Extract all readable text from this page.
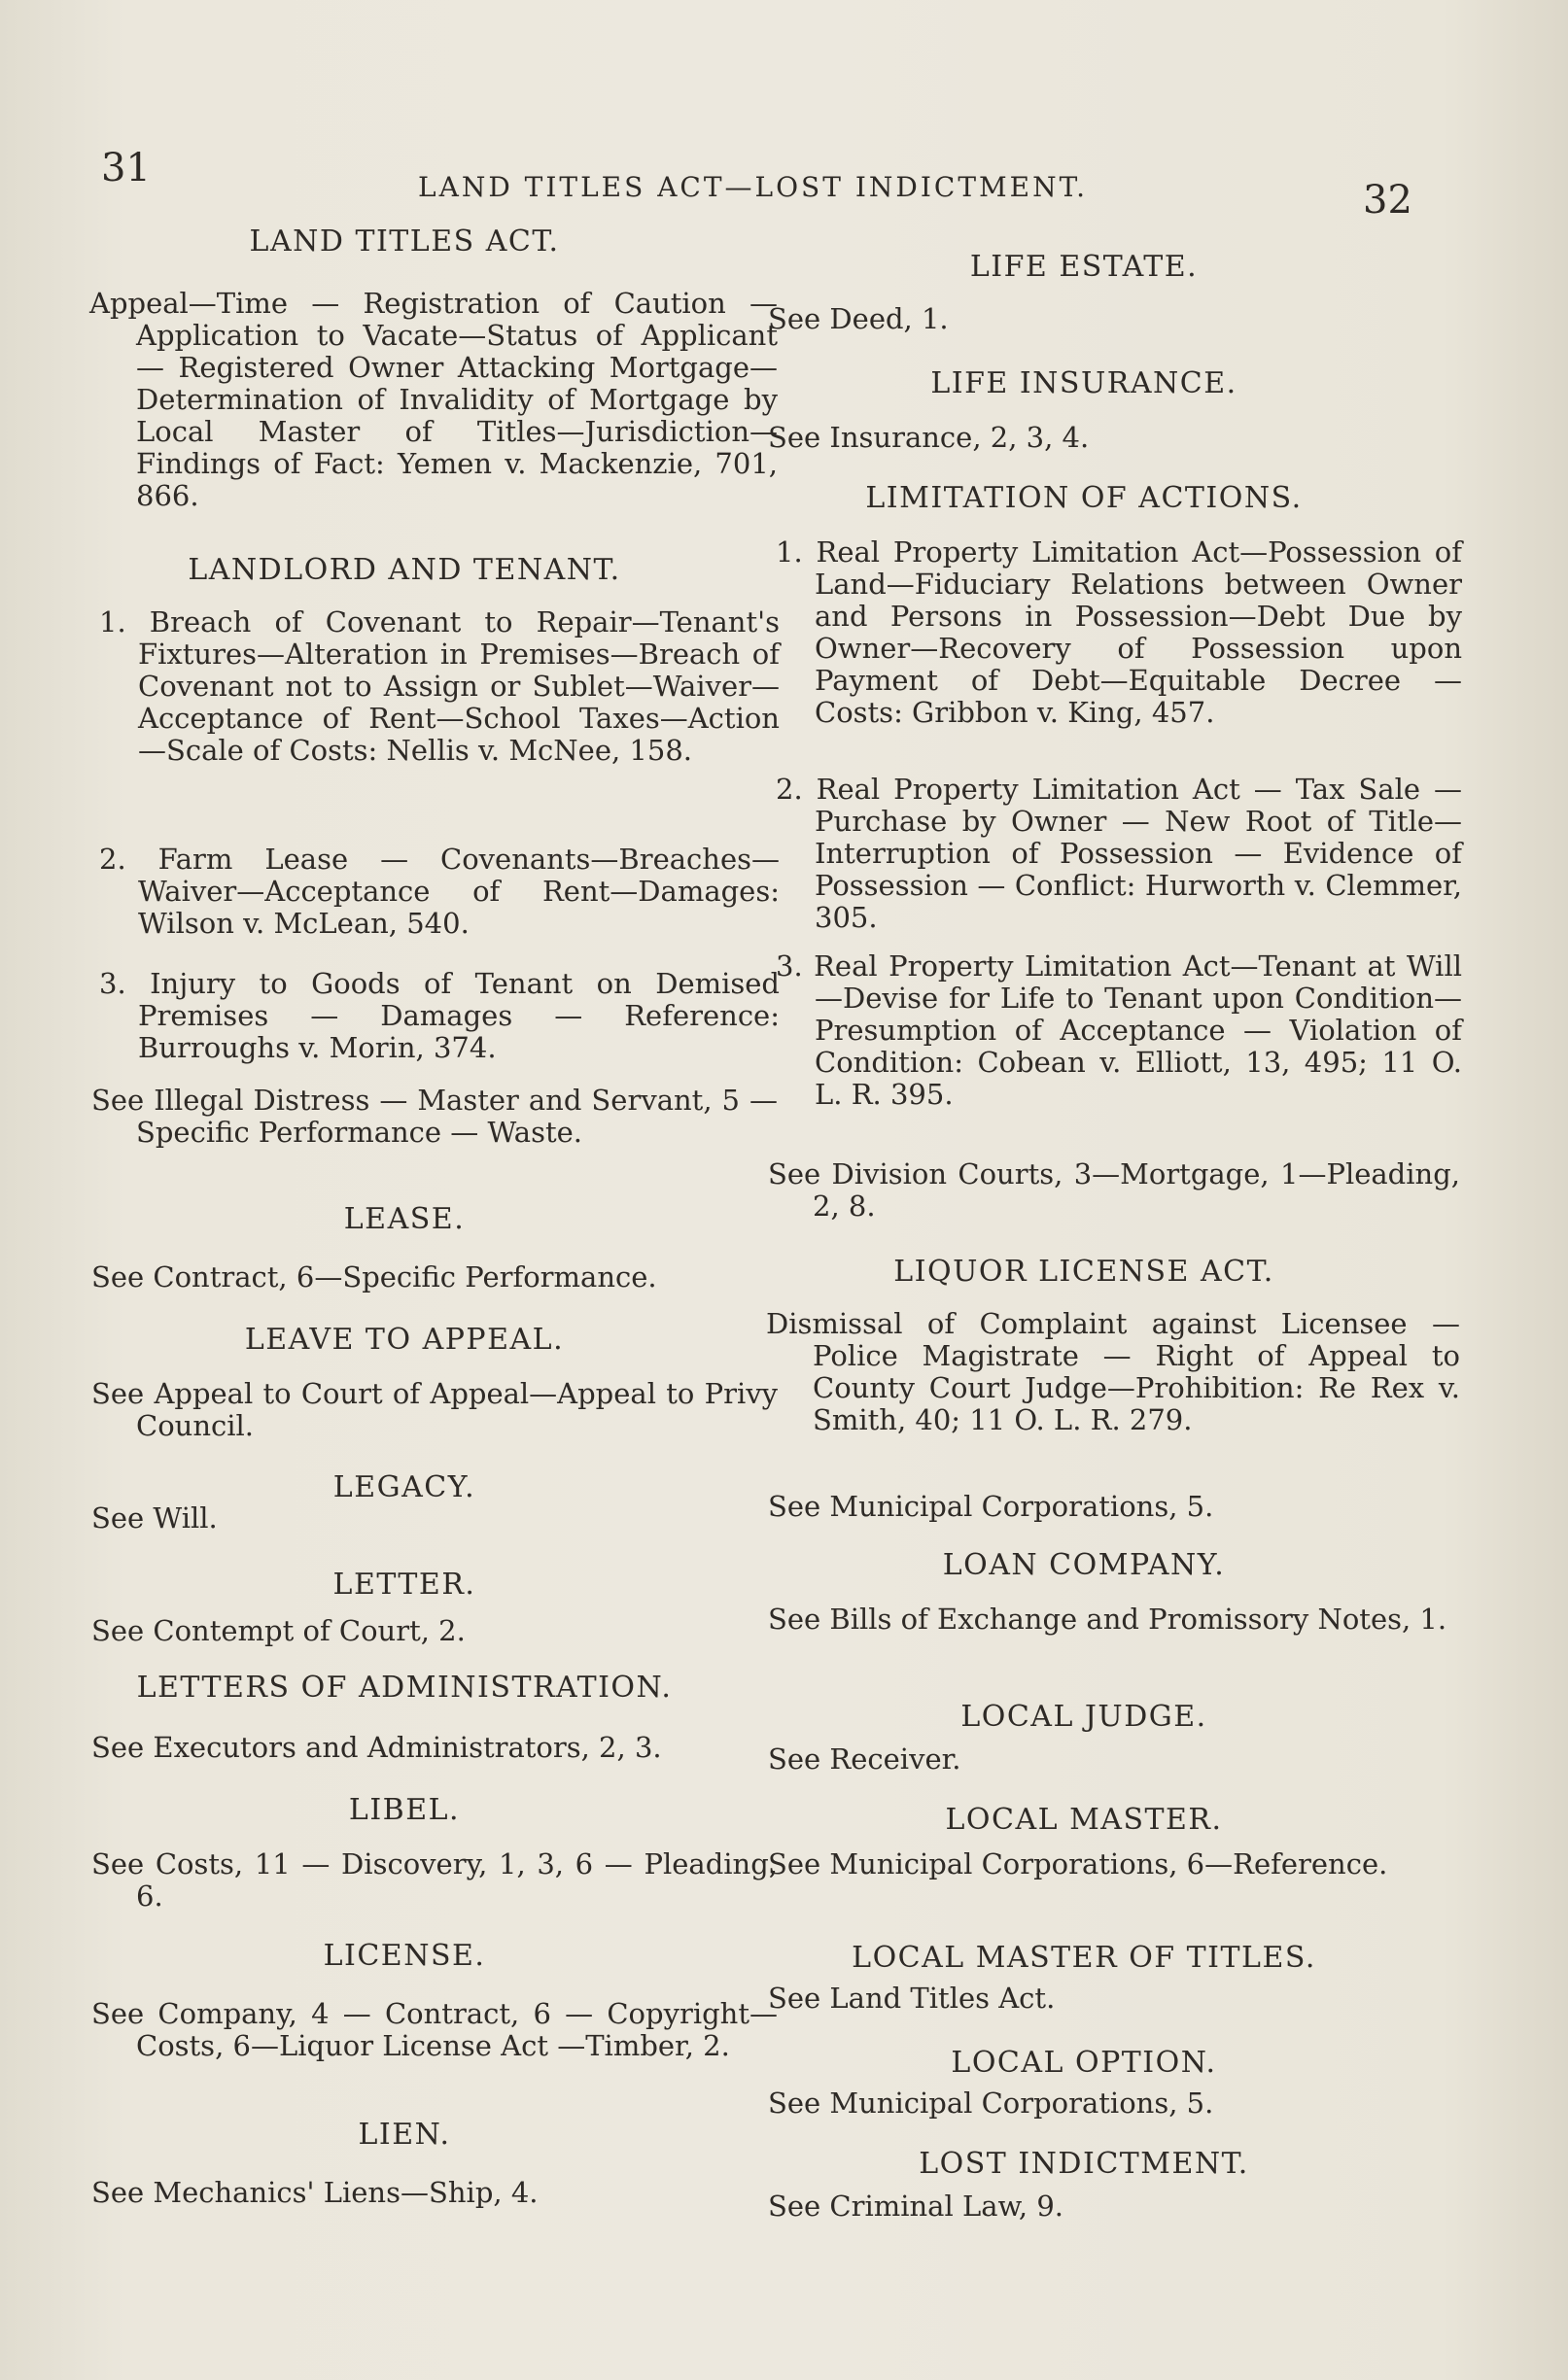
31	LAND TITLES ACT—LOST INDICTMENT.	32
LAND TITLES ACT.
Appeal—Time — Registration of Caution —Application to Vacate—Status of Applicant — Registered Owner Attacking Mortgage—Determination of Invalidity of Mortgage by Local Master of Titles—Jurisdiction—Findings of Fact: Yemen v. Mackenzie, 701, 866.
LANDLORD AND TENANT.
1. Breach of Covenant to Repair—Tenant's Fixtures—Alteration in Premises—Breach of Covenant not to Assign or Sublet—Waiver—Acceptance of Rent—School Taxes—Action —Scale of Costs: Nellis v. McNee, 158.
2. Farm Lease — Covenants—Breaches—Waiver—Acceptance of Rent—Damages: Wilson v. McLean, 540.
3. Injury to Goods of Tenant on Demised Premises — Damages — Reference: Burroughs v. Morin, 374.
See Illegal Distress — Master and Servant, 5 — Specific Performance — Waste.
LEASE.
See Contract, 6—Specific Performance.
LEAVE TO APPEAL.
See Appeal to Court of Appeal—Appeal to Privy Council.
LEGACY.
See Will.
LETTER.
See Contempt of Court, 2.
LETTERS OF ADMINISTRATION.
See Executors and Administrators, 2, 3.
LIBEL.
See Costs, 11 — Discovery, 1, 3, 6 — Pleading, 6.
LICENSE.
See Company, 4 — Contract, 6 — Copyright—Costs, 6—Liquor License Act —Timber, 2.
LIEN.
See Mechanics' Liens—Ship, 4.
LIFE ESTATE.
See Deed, 1.
LIFE INSURANCE.
See Insurance, 2, 3, 4.
LIMITATION OF ACTIONS.
1. Real Property Limitation Act—Possession of Land—Fiduciary Relations between Owner and Persons in Possession—Debt Due by Owner—Recovery of Possession upon Payment of Debt—Equitable Decree — Costs: Gribbon v. King, 457.
2. Real Property Limitation Act — Tax Sale — Purchase by Owner — New Root of Title—Interruption of Possession — Evidence of Possession — Conflict: Hurworth v. Clemmer, 305.
3. Real Property Limitation Act—Tenant at Will—Devise for Life to Tenant upon Condition—Presumption of Acceptance — Violation of Condition: Cobean v. Elliott, 13, 495; 11 O. L. R. 395.
See Division Courts, 3—Mortgage, 1—Pleading, 2, 8.
LIQUOR LICENSE ACT.
Dismissal of Complaint against Licensee — Police Magistrate — Right of Appeal to County Court Judge—Prohibition: Re Rex v. Smith, 40; 11 O. L. R. 279.
See Municipal Corporations, 5.
LOAN COMPANY.
See Bills of Exchange and Promissory Notes, 1.
LOCAL JUDGE.
See Receiver.
LOCAL MASTER.
See Municipal Corporations, 6—Reference.
LOCAL MASTER OF TITLES.
See Land Titles Act.
LOCAL OPTION.
See Municipal Corporations, 5.
LOST INDICTMENT.
See Criminal Law, 9.
